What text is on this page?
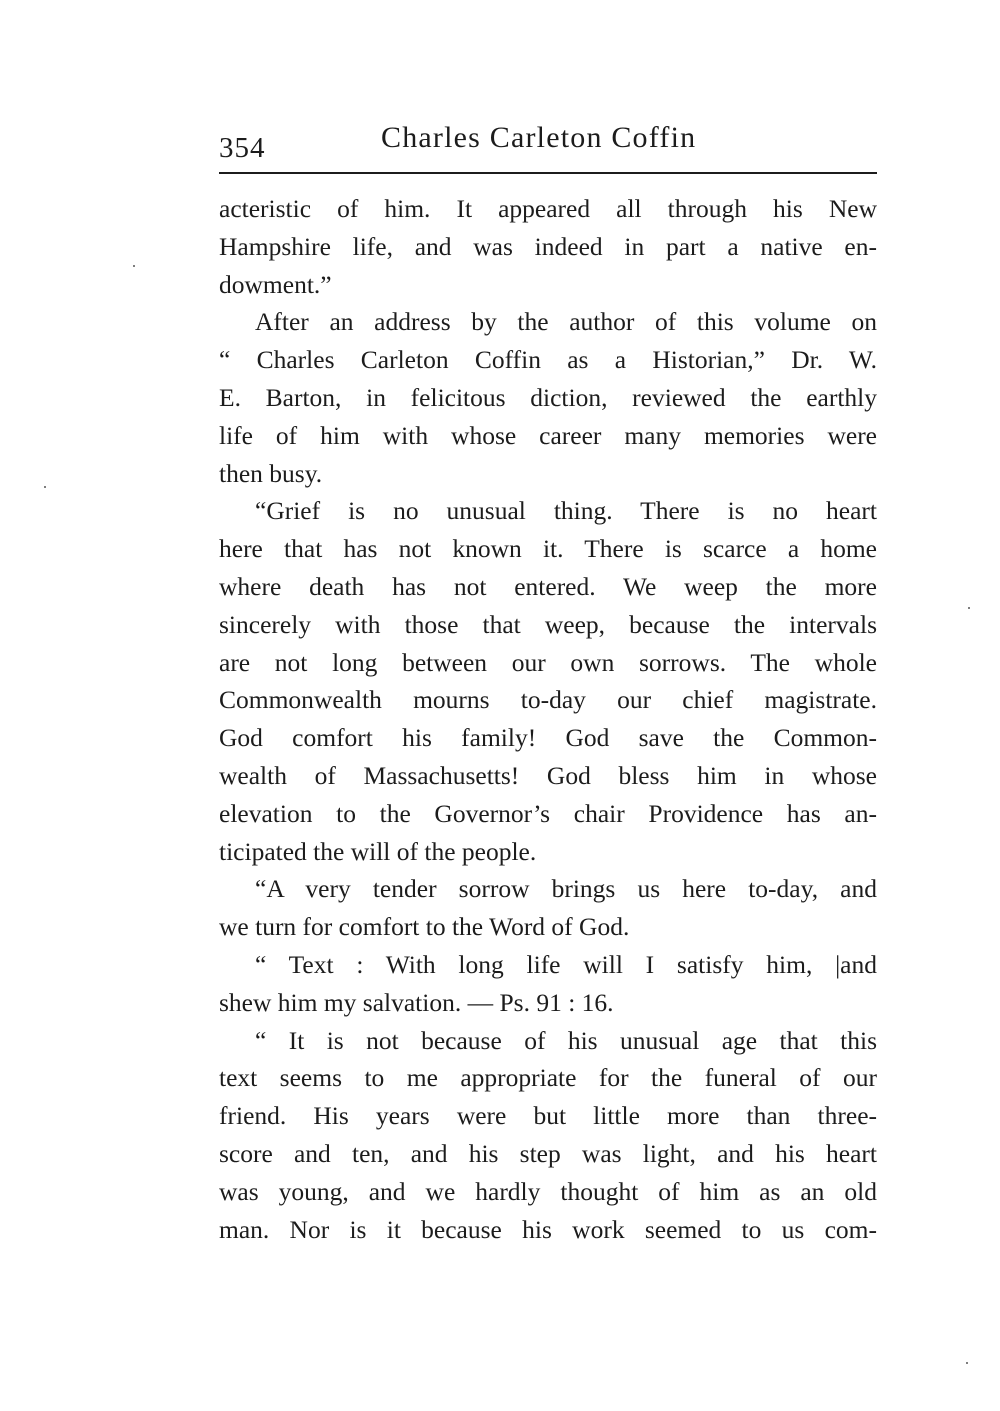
354	Charles Carleton Coffin
acteristic of him. It appeared all through his New
Hampshire life, and was indeed in part a native en-
dowment.”
After an address by the author of this volume on
“ Charles Carleton Coffin as a Historian,” Dr. W.
E. Barton, in felicitous diction, reviewed the earthly
life of him with whose career many memories were
then busy.
“Grief is no unusual thing. There is no heart
here that has not known it. There is scarce a home
where death has not entered. We weep the more
sincerely with those that weep, because the intervals
are not long between our own sorrows. The whole
Commonwealth mourns to-day our chief magistrate.
God comfort his family! God save the Common-
wealth of Massachusetts! God bless him in whose
elevation to the Governor’s chair Providence has an-
ticipated the will of the people.
“A very tender sorrow brings us here to-day, and
we turn for comfort to the Word of God.
“ Text : With long life will I satisfy him, |and
shew him my salvation. — Ps. 91 : 16.
“ It is not because of his unusual age that this
text seems to me appropriate for the funeral of our
friend. His years were but little more than three-
score and ten, and his step was light, and his heart
was young, and we hardly thought of him as an old
man. Nor is it because his work seemed to us com-
